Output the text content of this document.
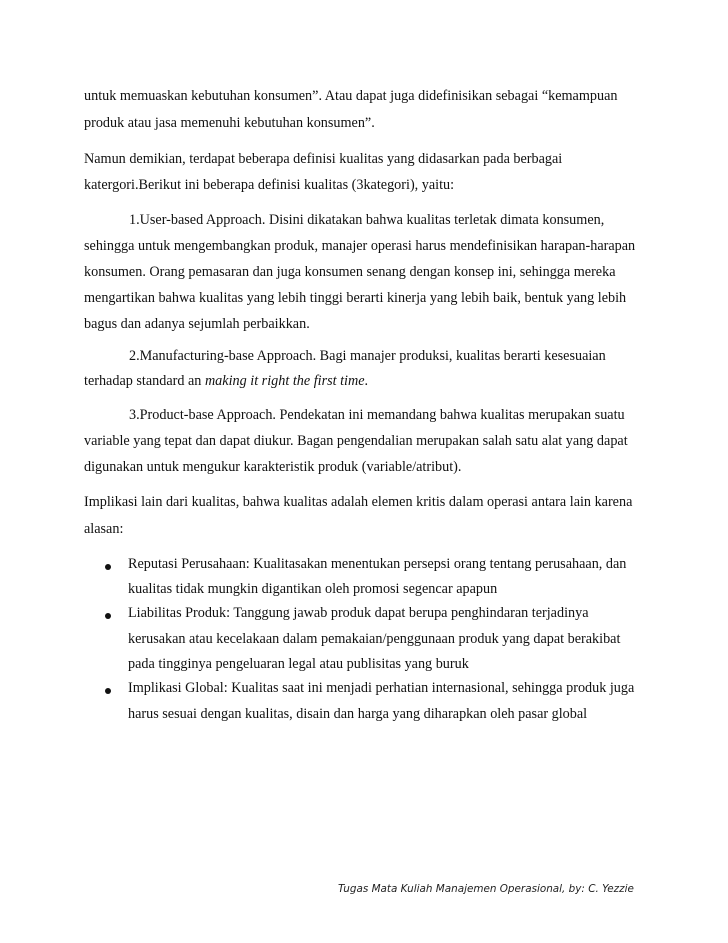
untuk memuaskan kebutuhan konsumen”. Atau dapat juga didefinisikan sebagai “kemampuan
produk atau jasa memenuhi kebutuhan konsumen”.
Namun demikian, terdapat beberapa definisi kualitas yang didasarkan pada berbagai
katergori.Berikut ini beberapa definisi kualitas (3kategori), yaitu:
1.User-based Approach. Disini dikatakan bahwa kualitas terletak dimata konsumen,
sehingga untuk mengembangkan produk, manajer operasi harus mendefinisikan harapan-harapan
konsumen. Orang pemasaran dan juga konsumen senang dengan konsep ini, sehingga mereka
mengartikan bahwa kualitas yang lebih tinggi berarti kinerja yang lebih baik, bentuk yang lebih
bagus dan adanya sejumlah perbaikkan.
2.Manufacturing-base Approach. Bagi manajer produksi, kualitas berarti kesesuaian
terhadap standard an making it right the first time.
3.Product-base Approach. Pendekatan ini memandang bahwa kualitas merupakan suatu
variable yang tepat dan dapat diukur. Bagan pengendalian merupakan salah satu alat yang dapat
digunakan untuk mengukur karakteristik produk (variable/atribut).
Implikasi lain dari kualitas, bahwa kualitas adalah elemen kritis dalam operasi antara lain karena
alasan:
Reputasi Perusahaan: Kualitasakan menentukan persepsi orang tentang perusahaan, dan
kualitas tidak mungkin digantikan oleh promosi segencar apapun
Liabilitas Produk: Tanggung jawab produk dapat berupa penghindaran terjadinya
kerusakan atau kecelakaan dalam pemakaian/penggunaan produk yang dapat berakibat
pada tingginya pengeluaran legal atau publisitas yang buruk
Implikasi Global: Kualitas saat ini menjadi perhatian internasional, sehingga produk juga
harus sesuai dengan kualitas, disain dan harga yang diharapkan oleh pasar global
Tugas Mata Kuliah Manajemen Operasional, by: C. Yezzie
